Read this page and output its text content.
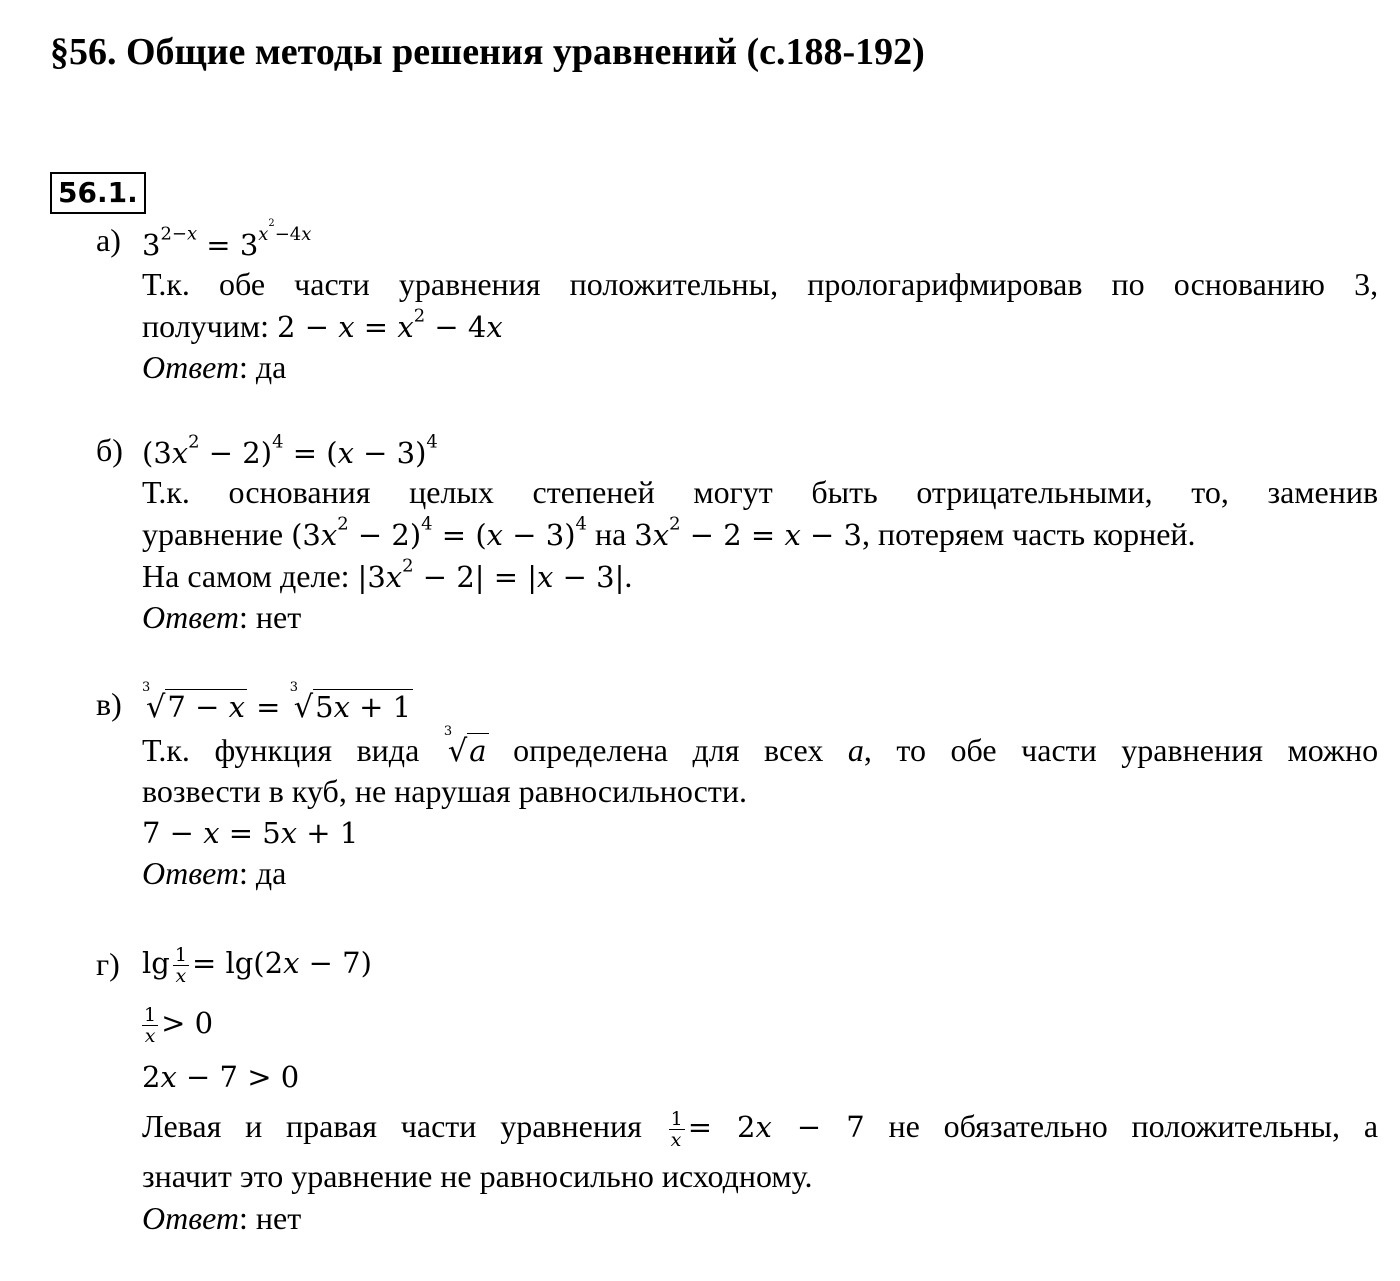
§56. Общие методы решения уравнений (с.188-192)
56.1.
а) $3^{2-x} = 3^{x^2-4x}$
Т.к. обе части уравнения положительны, прологарифмировав по основанию 3,
получим: $2 - x = x^2 - 4x$
Ответ: да
б) $(3x^2 - 2)^4 = (x - 3)^4$
Т.к. основания целых степеней могут быть отрицательными, то, заменив
уравнение $(3x^2 - 2)^4 = (x - 3)^4$ на $3x^2 - 2 = x - 3$, потеряем часть корней.
На самом деле: $|3x^2 - 2| = |x - 3|$.
Ответ: нет
в) 3
√7 − x =
3
√5x + 1
Т.к. функция вида
3
√a определена для всех a, то обе части уравнения можно
возвести в куб, не нарушая равносильности.
7 − x = 5x + 1
Ответ: да
г) $\lg \frac{1}{x} = \lg(2x - 7)$
$\frac{1}{x} > 0$
2x − 7 > 0
Левая и правая части уравнения $\frac{1}{x} = 2x - 7$ не обязательно положительны, а
значит это уравнение не равносильно исходному.
Ответ: нет
